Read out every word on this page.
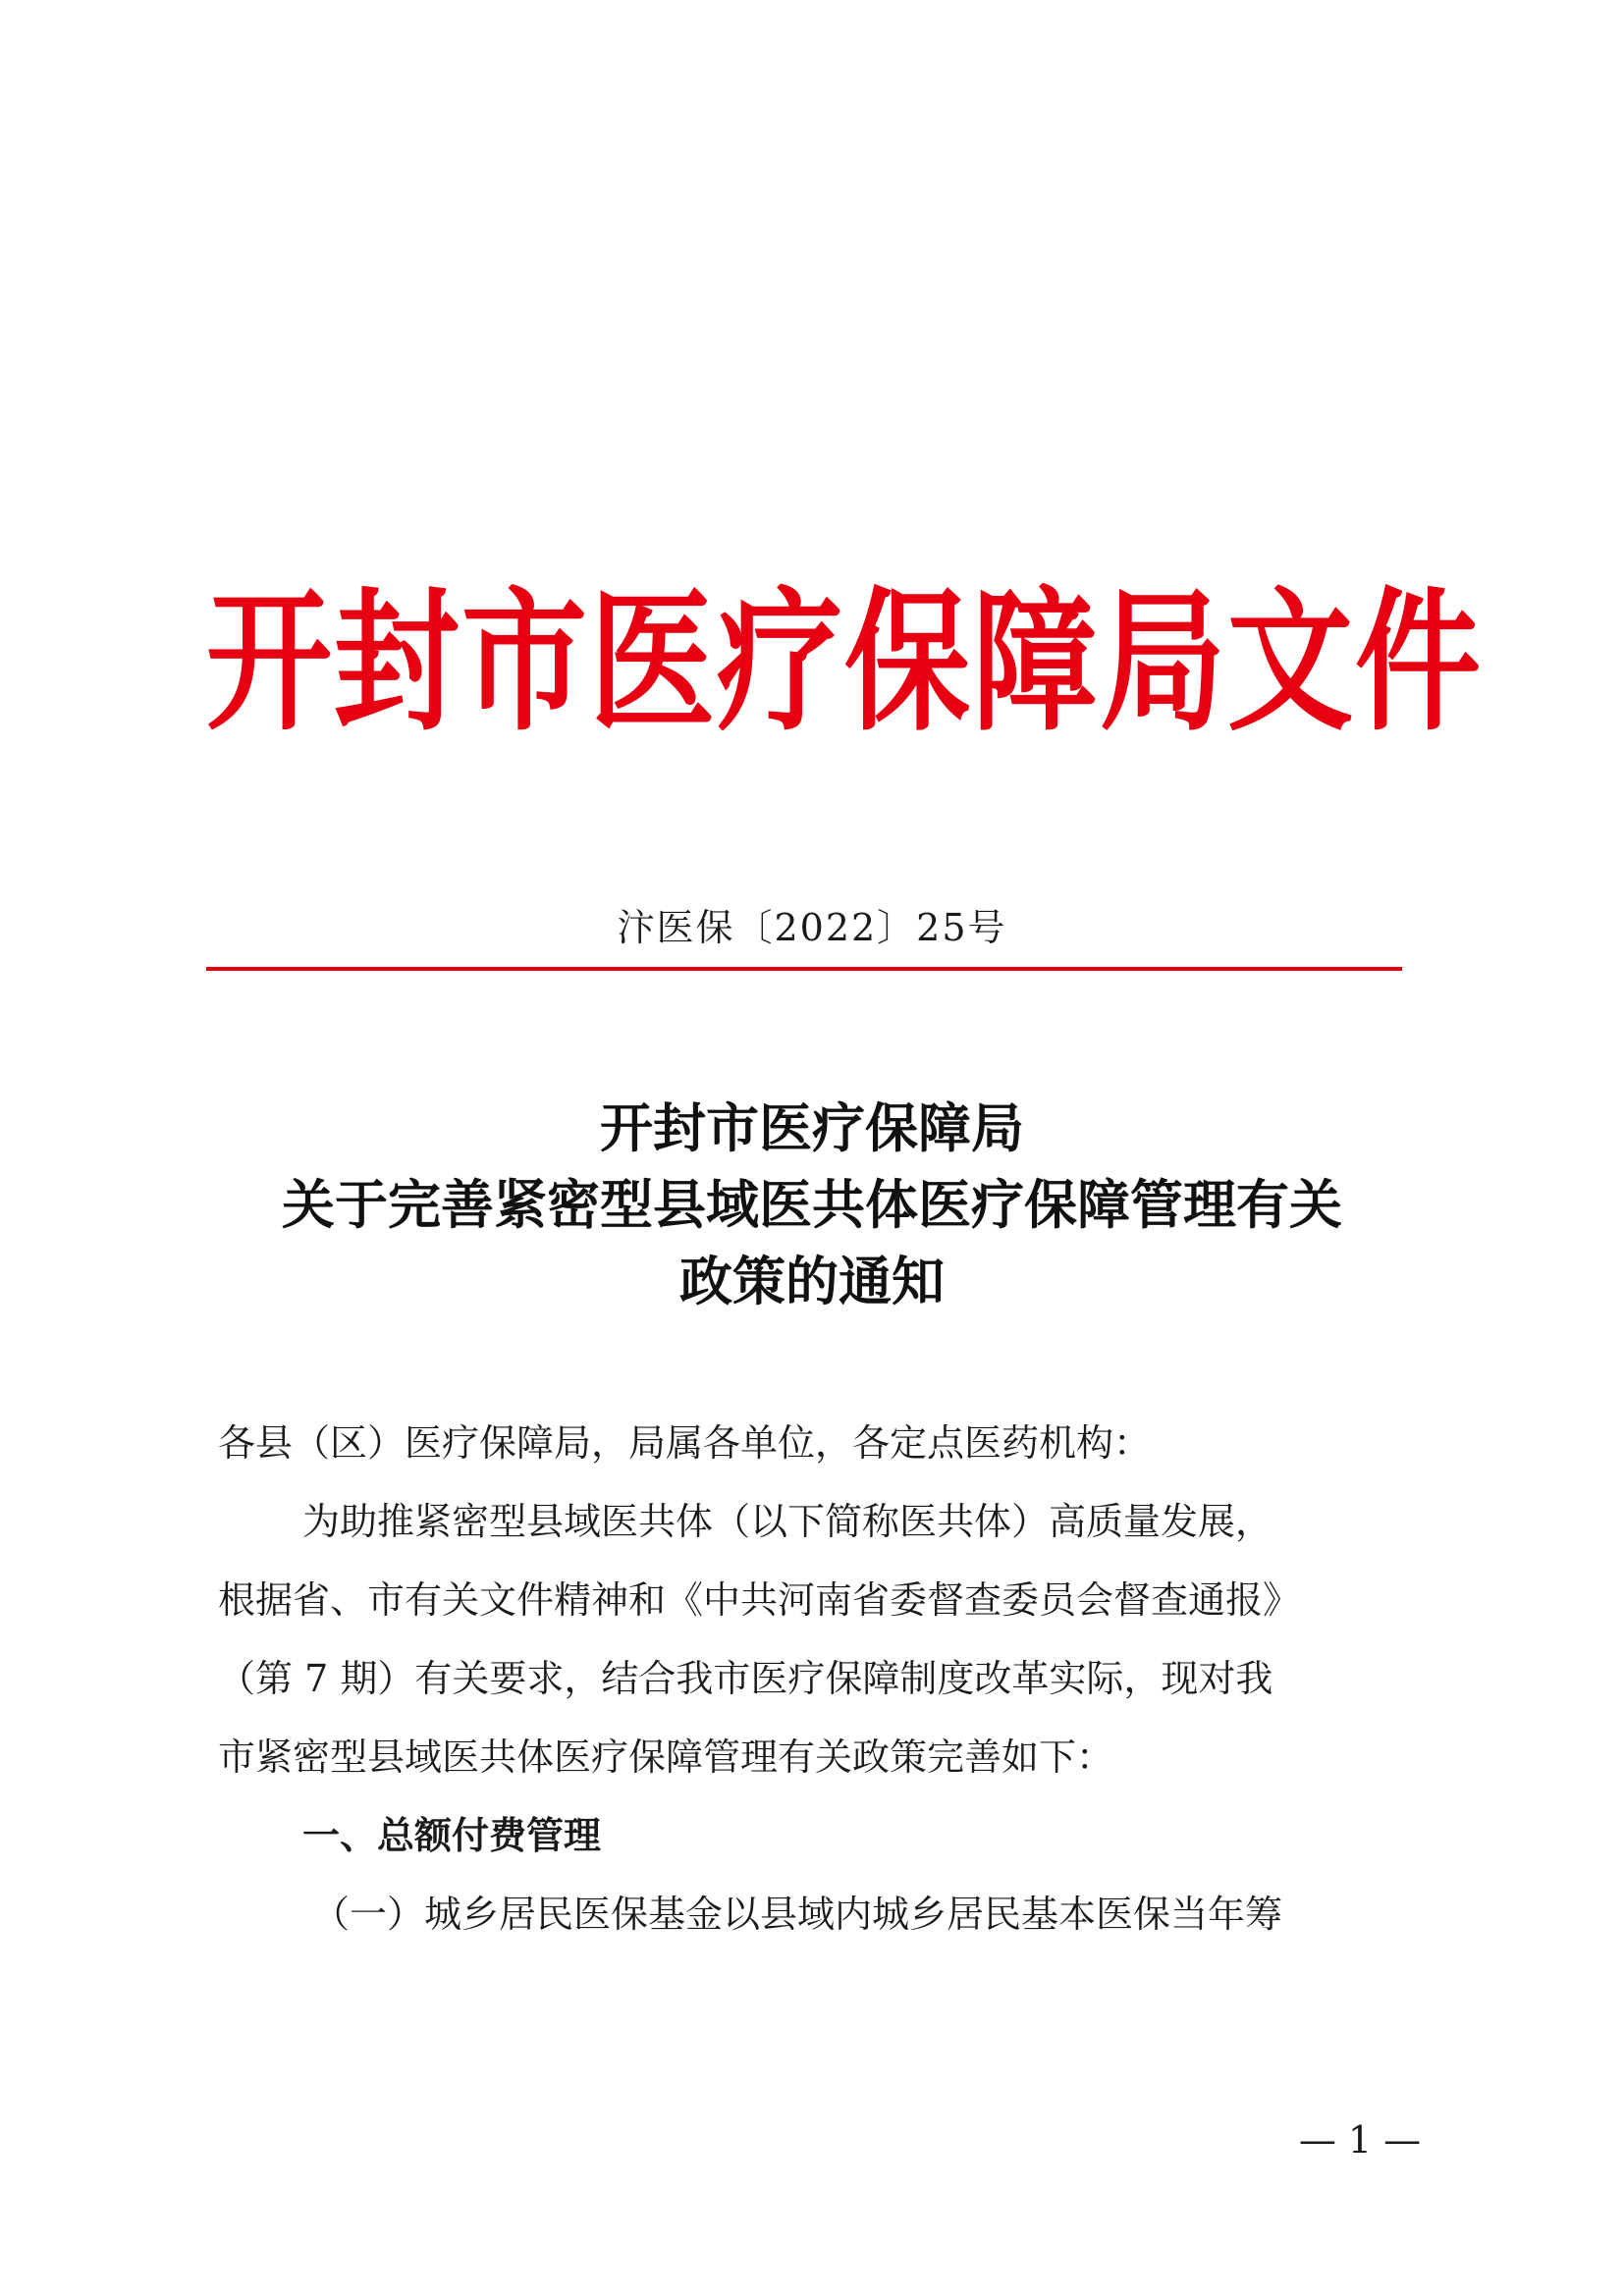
开封市医疗保障局文件
汴医保〔2022〕25号
开封市医疗保障局
关于完善紧密型县域医共体医疗保障管理有关
政策的通知
各县（区）医疗保障局，局属各单位，各定点医药机构：
为助推紧密型县域医共体（以下简称医共体）高质量发展，
根据省、市有关文件精神和《中共河南省委督查委员会督查通报》
（第 7 期）有关要求，结合我市医疗保障制度改革实际，现对我
市紧密型县域医共体医疗保障管理有关政策完善如下：
一、总额付费管理
（一）城乡居民医保基金以县域内城乡居民基本医保当年筹
— 1 —
